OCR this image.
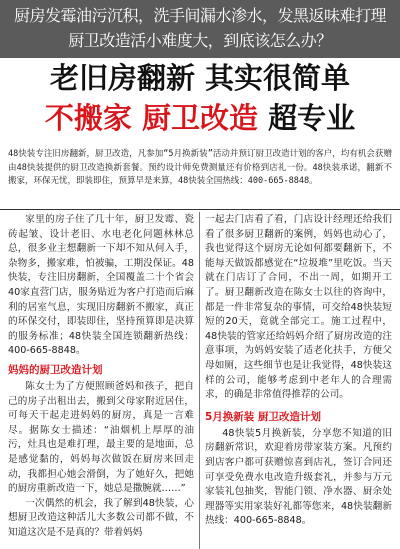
厨房发霉油污沉积，洗手间漏水渗水，发黑返味难打理
厨卫改造活小难度大，到底该怎么办？
老旧房翻新 其实很简单
不搬家 厨卫改造 超专业
48快装专注旧房翻新，厨卫改造，凡参加“5月换新装”活动并预订厨卫改造计划的客户，均有机会获赠由48快装提供的厨卫改造换新套餐。预约设计师免费测量还有价格到店礼一份。48快装承诺，翻新不搬家，环保无忧，即装即住，预算早是来算，48快装全国热线：400-665-8848。

家里的房子住了几十年，厨卫发霉、瓷砖起皱、设计老旧、水电老化问题林林总总，很多业主想翻新一下却不知从何入手，杂物多，搬家难，怕被骗，工期没保证。48快装，专注旧房翻新，全国覆盖二十个省会40家直营门店，服务贴近为客户打造而后麻利的居室气息，实现旧房翻新不搬家，真正的环保交付，即装即住，坚持预算即是决算的服务标准；48快装全国连锁翻新热线：400-665-8848。

妈妈的厨卫改造计划

陈女士为了方便照顾爸妈和孩子，把自己的房子出租出去，搬到父母家附近居住，可每天干起走进妈妈的厨房，真是一言难尽。据陈女士描述：“油烟机上厚厚的油污，灶具也是难打理，最主要的是地面，总是感觉黏的，妈妈每次做饭在厨房来回走动，我都担心她会滑倒，为了她好久，把她的厨房重新改造一下，她总是撒腕就……”

一次偶然的机会，我了解到48快装，心想厨卫改造这种活儿大多数公司都不做，不知道这次是不是真的？带着妈妈

一起去门店看了看，门店设计经理还给我们看了很多厨卫翻新的案例，妈妈也动心了，我也觉得这个厨房无论如何都要翻新下，不能每天做饭都感觉在“垃圾堆”里吃饭。当天就在门店订了合同，不出一周，如期开工了。厨卫翻新改造在陈女士以往的咨询中，都是一件非常复杂的事情，可交给48快装短短的20天，竟就全部完工。施工过程中，48快装的管家还给妈妈介绍了厨房改造的注意事项，为妈妈安装了适老化扶手，方便父母如厕，这些细节也是让我觉得，48快装这样的公司，能够考虑到中老年人的合理需求，的确是非常值得推荐的公司。

5月换新装 厨卫改造计划

48快装5月换新装，分享您不知道的旧房翻新常识，欢迎着房带家装方案。凡预约到店客户都可获赠惊喜到店礼，签订合同还可享受免费水电改造升级套礼，并参与万元家装礼包抽奖，智能门锁、净水器、厨余处理器等实用家装好礼都等您来，48快装翻新热线：400-665-8848。
